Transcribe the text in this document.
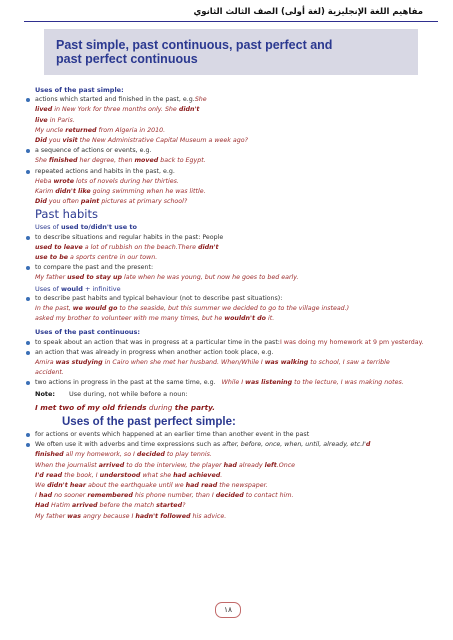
مفاهيم اللغة الإنجليزية (لغة أولى) الصف الثالث الثانوي
Past simple, past continuous, past perfect and
past perfect continuous
Uses of the past simple:
actions which started and finished in the past, e.g.She
lived in New York for three months only. She didn't
live in Paris.
My uncle returned from Algeria in 2010.
Did you visit the New Administrative Capital Museum a week ago?
a sequence of actions or events, e.g.
She finished her degree, then moved back to Egypt.
repeated actions and habits in the past, e.g.
Heba wrote lots of novels during her thirties.
Karim didn't like going swimming when he was little.
Did you often paint pictures at primary school?
Past habits
Uses of used to/didn't use to
to describe situations and regular habits in the past: People
used to leave a lot of rubbish on the beach.There didn't
use to be a sports centre in our town.
to compare the past and the present:
My father used to stay up late when he was young, but now he goes to bed early.
Uses of would + infinitive
to describe past habits and typical behaviour (not to describe past situations):
In the past, we would go to the seaside, but this summer we decided to go to the village instead.)
asked my brother to volunteer with me many times, but he wouldn't do it.
Uses of the past continuous:
to speak about an action that was in progress at a particular time in the past:I was doing my homework at 9 pm yesterday.
an action that was already in progress when another action took place, e.g.
Amira was studying in Cairo when she met her husband. When/While I was walking to school, I saw a terrible
accident.
two actions in progress in the past at the same time, e.g. While I was listening to the lecture, I was making notes.
Note: Use during, not while before a noun:
I met two of my old friends during the party.
Uses of the past perfect simple:
for actions or events which happened at an earlier time than another event in the past
We often use it with adverbs and time expressions such as after, before, once, when, until, already, etc.I'd
finished all my homework, so I decided to play tennis.
When the journalist arrived to do the interview, the player had already left.Once
I'd read the book, I understood what she had achieved.
We didn't hear about the earthquake until we had read the newspaper.
I had no sooner remembered his phone number, than I decided to contact him.
Had Hatim arrived before the match started?
My father was angry because I hadn't followed his advice.
١٨
